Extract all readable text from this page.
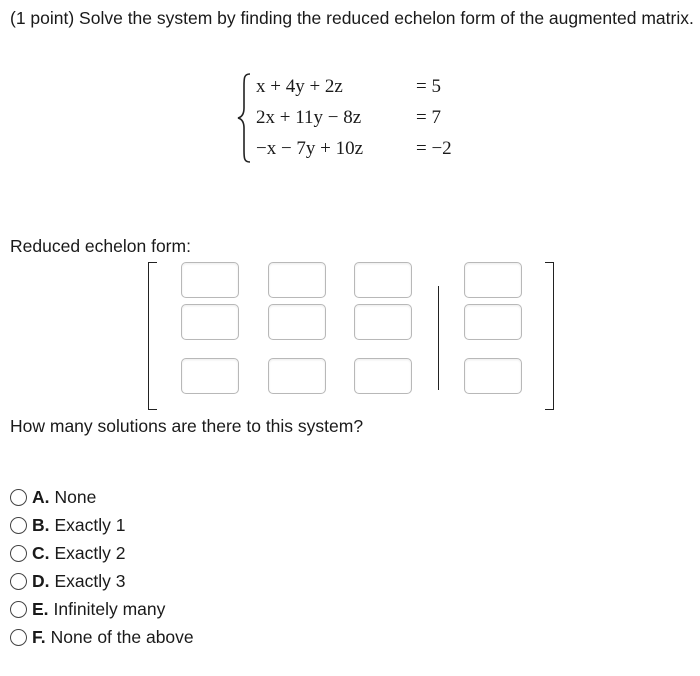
(1 point) Solve the system by finding the reduced echelon form of the augmented matrix.
x + 4y + 2z	= 5
2x + 11y − 8z	= 7
−x − 7y + 10z	= −2
Reduced echelon form:
How many solutions are there to this system?
A. None
B. Exactly 1
C. Exactly 2
D. Exactly 3
E. Infinitely many
F. None of the above
